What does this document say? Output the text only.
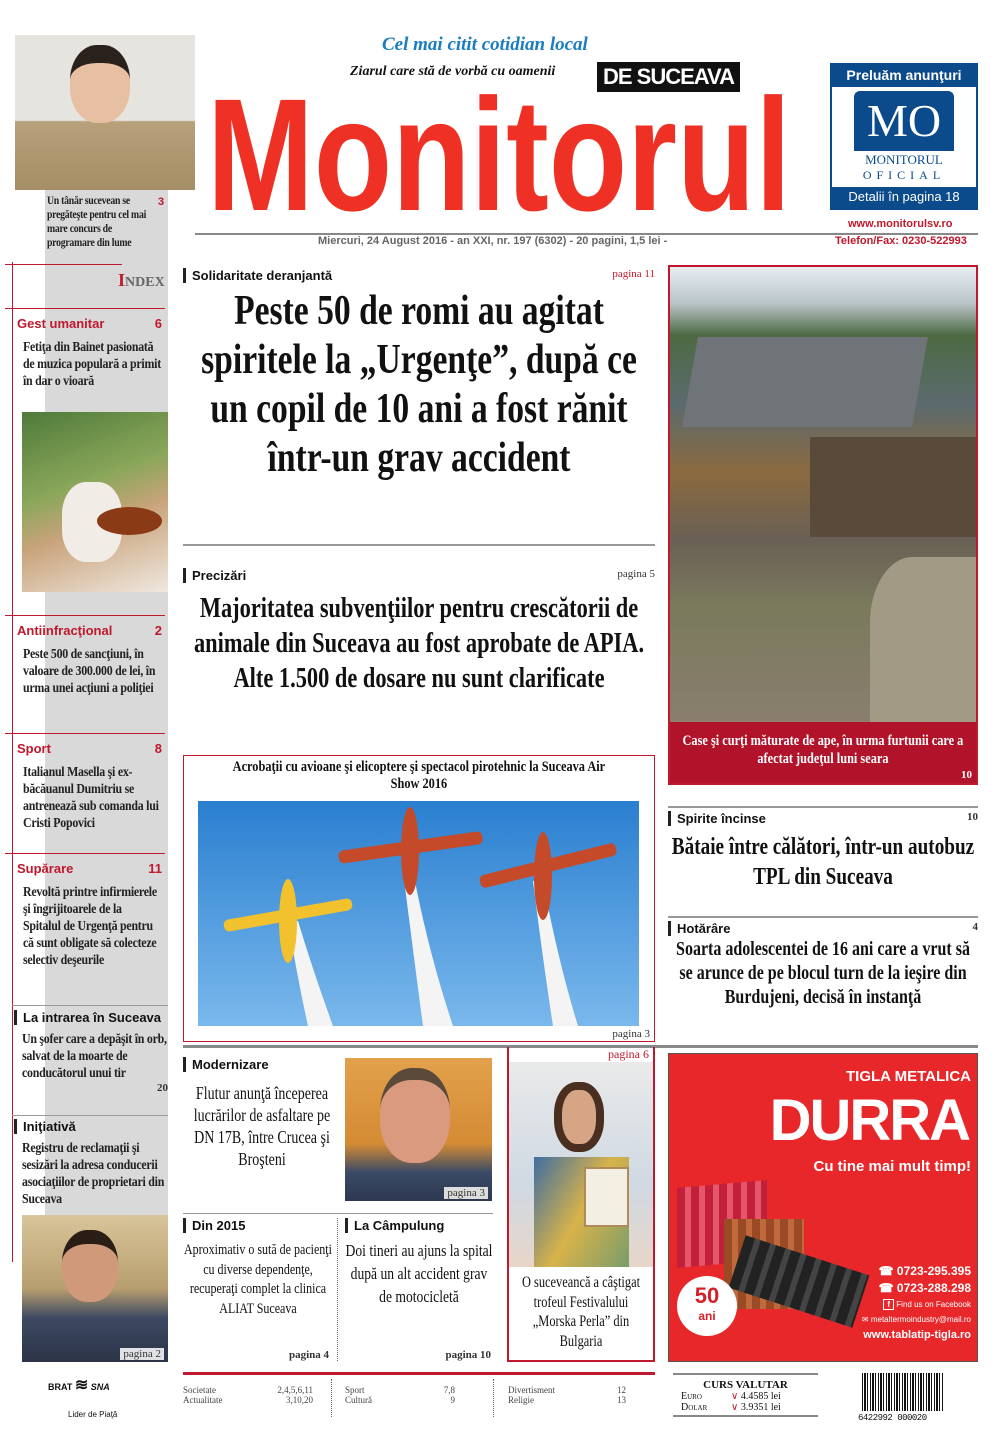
Un tânăr sucevean se pregăteşte pentru cel mai mare concurs de programare din lume
3
Cel mai citit cotidian local
Ziarul care stă de vorbă cu oamenii DE SUCEAVA
Monitorul	Preluăm anunţuri
MO
MONITORUL
OFICIAL
Detalii în pagina 18
www.monitorulsv.ro
Miercuri, 24 August 2016 - an XXI, nr. 197 (6302) - 20 pagini, 1,5 lei -	Telefon/Fax: 0230-522993
INDEX
Gest umanitar	6
Fetiţa din Bainet pasionată de muzica populară a primit în dar o vioară
Antiinfracţional	2
Peste 500 de sancţiuni, în valoare de 300.000 de lei, în urma unei acţiuni a poliţiei
Sport	8
Italianul Masella şi ex-băcăuanul Dumitriu se antrenează sub comanda lui Cristi Popovici
Supărare	11
Revoltă printre infirmierele şi îngrijitoarele de la Spitalul de Urgenţă pentru că sunt obligate să colecteze selectiv deşeurile
La intrarea în Suceava
Un şofer care a depăşit în orb, salvat de la moarte de conducătorul unui tir
20
Iniţiativă
Registru de reclamaţii şi sesizări la adresa conducerii asociaţiilor de proprietari din Suceava
pagina 2
Solidaritate deranjantă	pagina 11
Peste 50 de romi au agitat spiritele la „Urgenţe”, după ce un copil de 10 ani a fost rănit într-un grav accident
Precizări	pagina 5
Majoritatea subvenţiilor pentru crescătorii de animale din Suceava au fost aprobate de APIA. Alte 1.500 de dosare nu sunt clarificate
Acrobaţii cu avioane şi elicoptere şi spectacol pirotehnic la Suceava Air Show 2016
pagina 3
Case şi curţi măturate de ape, în urma furtunii care a afectat judeţul luni seara
10
Spirite încinse	10
Bătaie între călători, într-un autobuz TPL din Suceava
Hotărâre	4
Soarta adolescentei de 16 ani care a vrut să se arunce de pe blocul turn de la ieşire din Burdujeni, decisă în instanţă
Modernizare
Flutur anunţă începerea lucrărilor de asfaltare pe DN 17B, între Crucea şi Broşteni
pagina 3
Din 2015
Aproximativ o sută de pacienţi cu diverse dependenţe, recuperaţi complet la clinica ALIAT Suceava
pagina 4
La Câmpulung
Doi tineri au ajuns la spital după un alt accident grav de motocicletă
pagina 10
pagina 6
O suceveancă a câştigat trofeul Festivalului „Morska Perla” din Bulgaria
TIGLA METALICA
DURRA
Cu tine mai mult timp!
50
ani
☎ 0723-295.395
☎ 0723-288.298
f Find us on Facebook
✉ metaltermoindustry@mail.ro
www.tablatip-tigla.ro
BRAT ≋ SNA
Lider de Piaţă
Societate	2,4,5,6,11
Actualitate	3,10,20
Sport	7,8
Cultură	9
Divertisment	12
Religie	13
CURS VALUTAR
Euro	∨ 4.4585 lei
Dolar	∨ 3.9351 lei
6422992 000020
